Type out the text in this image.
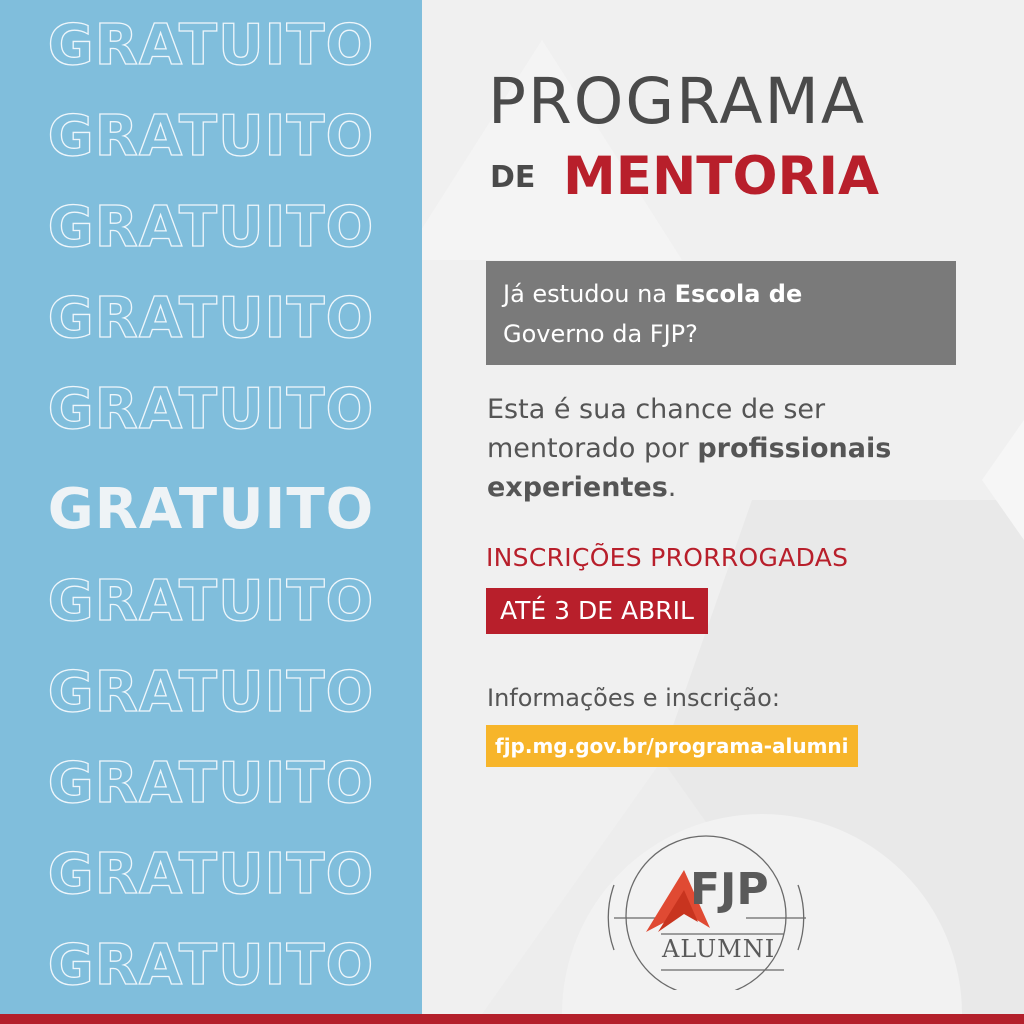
GRATUITO
GRATUITO
GRATUITO
GRATUITO
GRATUITO
GRATUITO
GRATUITO
GRATUITO
GRATUITO
GRATUITO
GRATUITO
PROGRAMA
DE MENTORIA
Já estudou na Escola de
Governo da FJP?
Esta é sua chance de ser
mentorado por profissionais
experientes.
INSCRIÇÕES PRORROGADAS
ATÉ 3 DE ABRIL
Informações e inscrição:
fjp.mg.gov.br/programa-alumni
FJP
ALUMNI
